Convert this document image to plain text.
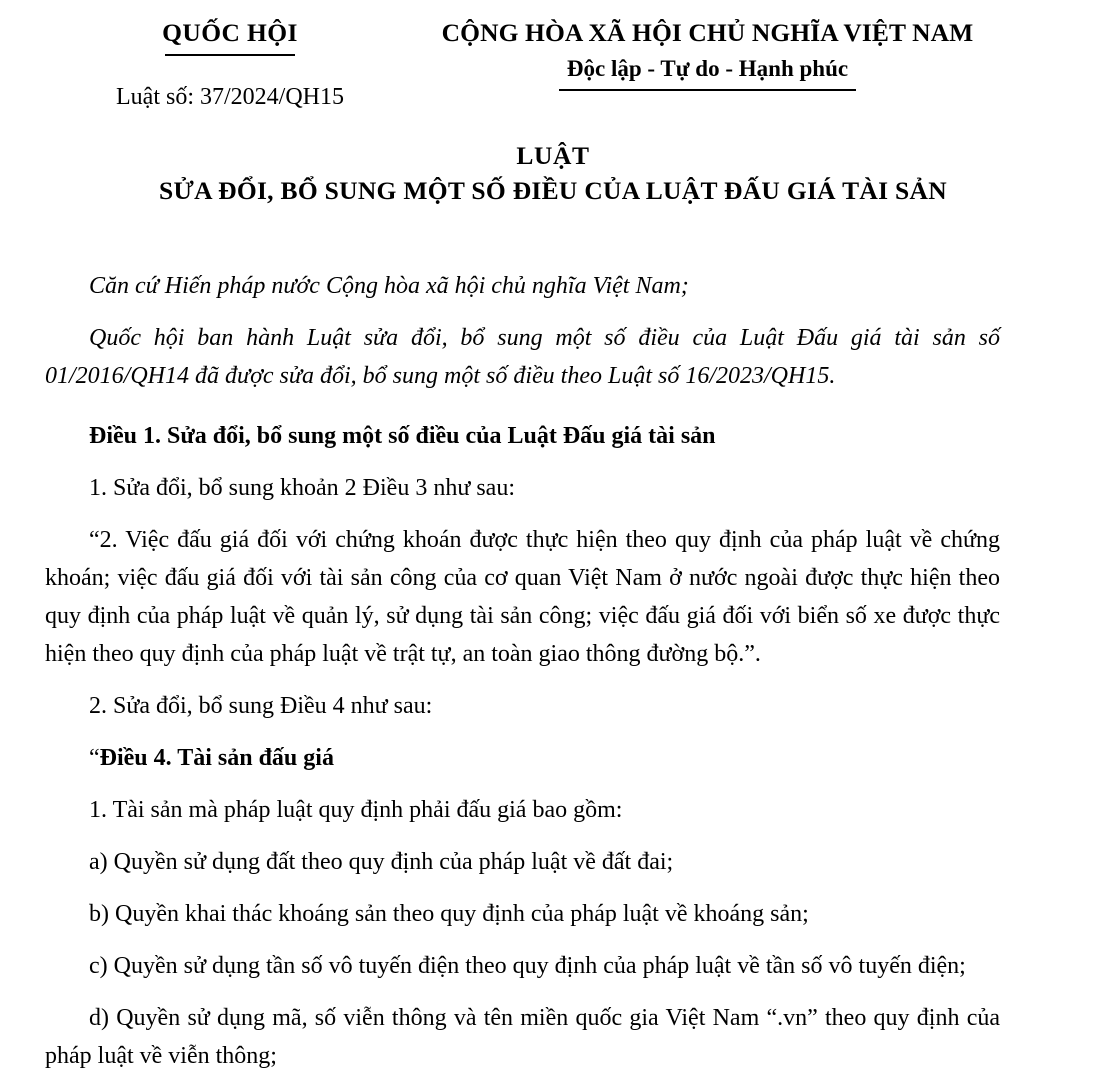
QUỐC HỘI	CỘNG HÒA XÃ HỘI CHỦ NGHĨA VIỆT NAM
Độc lập - Tự do - Hạnh phúc
Luật số: 37/2024/QH15
LUẬT
SỬA ĐỔI, BỔ SUNG MỘT SỐ ĐIỀU CỦA LUẬT ĐẤU GIÁ TÀI SẢN

Căn cứ Hiến pháp nước Cộng hòa xã hội chủ nghĩa Việt Nam;

Quốc hội ban hành Luật sửa đổi, bổ sung một số điều của Luật Đấu giá tài sản số 01/2016/QH14 đã được sửa đổi, bổ sung một số điều theo Luật số 16/2023/QH15.

Điều 1. Sửa đổi, bổ sung một số điều của Luật Đấu giá tài sản

1. Sửa đổi, bổ sung khoản 2 Điều 3 như sau:

“2. Việc đấu giá đối với chứng khoán được thực hiện theo quy định của pháp luật về chứng khoán; việc đấu giá đối với tài sản công của cơ quan Việt Nam ở nước ngoài được thực hiện theo quy định của pháp luật về quản lý, sử dụng tài sản công; việc đấu giá đối với biển số xe được thực hiện theo quy định của pháp luật về trật tự, an toàn giao thông đường bộ.”.

2. Sửa đổi, bổ sung Điều 4 như sau:

“Điều 4. Tài sản đấu giá

1. Tài sản mà pháp luật quy định phải đấu giá bao gồm:

a) Quyền sử dụng đất theo quy định của pháp luật về đất đai;

b) Quyền khai thác khoáng sản theo quy định của pháp luật về khoáng sản;

c) Quyền sử dụng tần số vô tuyến điện theo quy định của pháp luật về tần số vô tuyến điện;

d) Quyền sử dụng mã, số viễn thông và tên miền quốc gia Việt Nam “.vn” theo quy định của pháp luật về viễn thông;
